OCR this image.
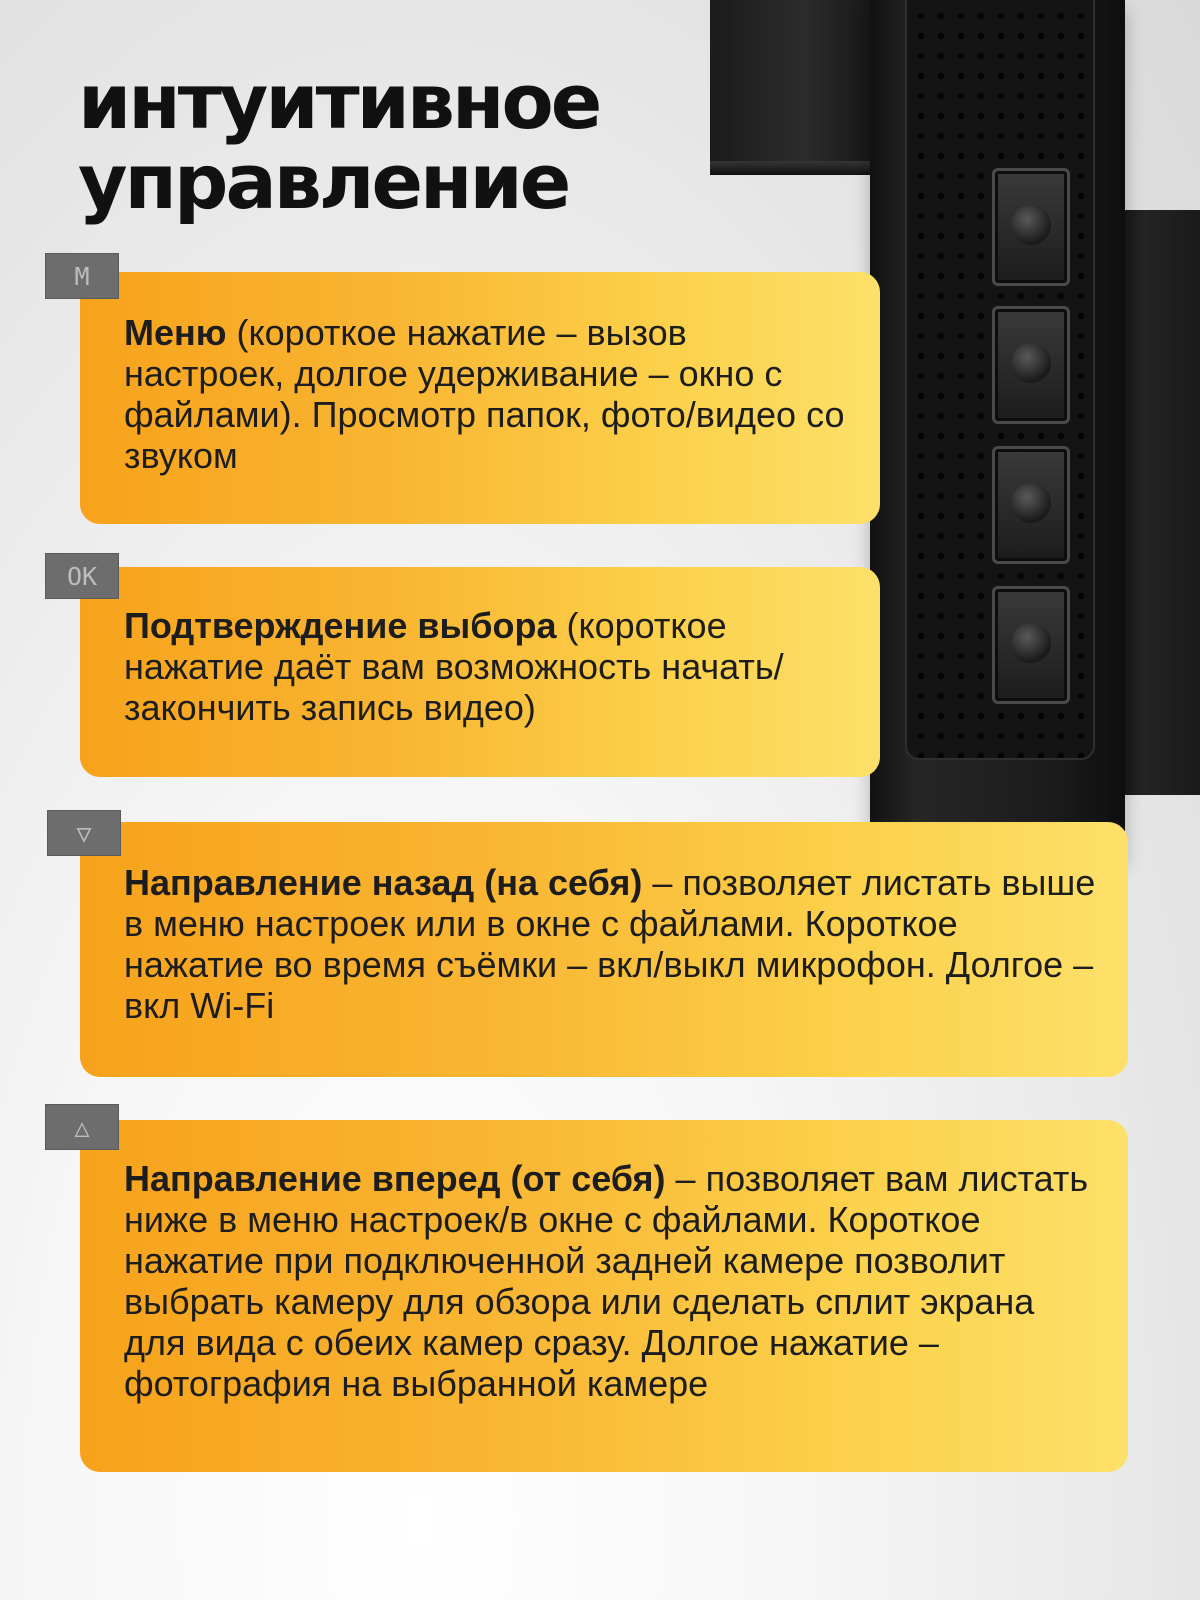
интуитивное
управление
Меню (короткое нажатие – вызов настроек, долгое удерживание – окно с файлами). Просмотр папок, фото/видео со звуком
M
Подтверждение выбора (короткое нажатие даёт вам возможность начать/закончить запись видео)
OK
Направление назад (на себя) – позволяет листать выше в меню настроек или в окне с файлами. Короткое нажатие во время съёмки – вкл/выкл микрофон. Долгое – вкл Wi-Fi
▽
Направление вперед (от себя) – позволяет вам листать ниже в меню настроек/в окне с файлами. Короткое нажатие при подключенной задней камере позволит выбрать камеру для обзора или сделать сплит экрана для вида с обеих камер сразу. Долгое нажатие – фотография на выбранной камере
△
